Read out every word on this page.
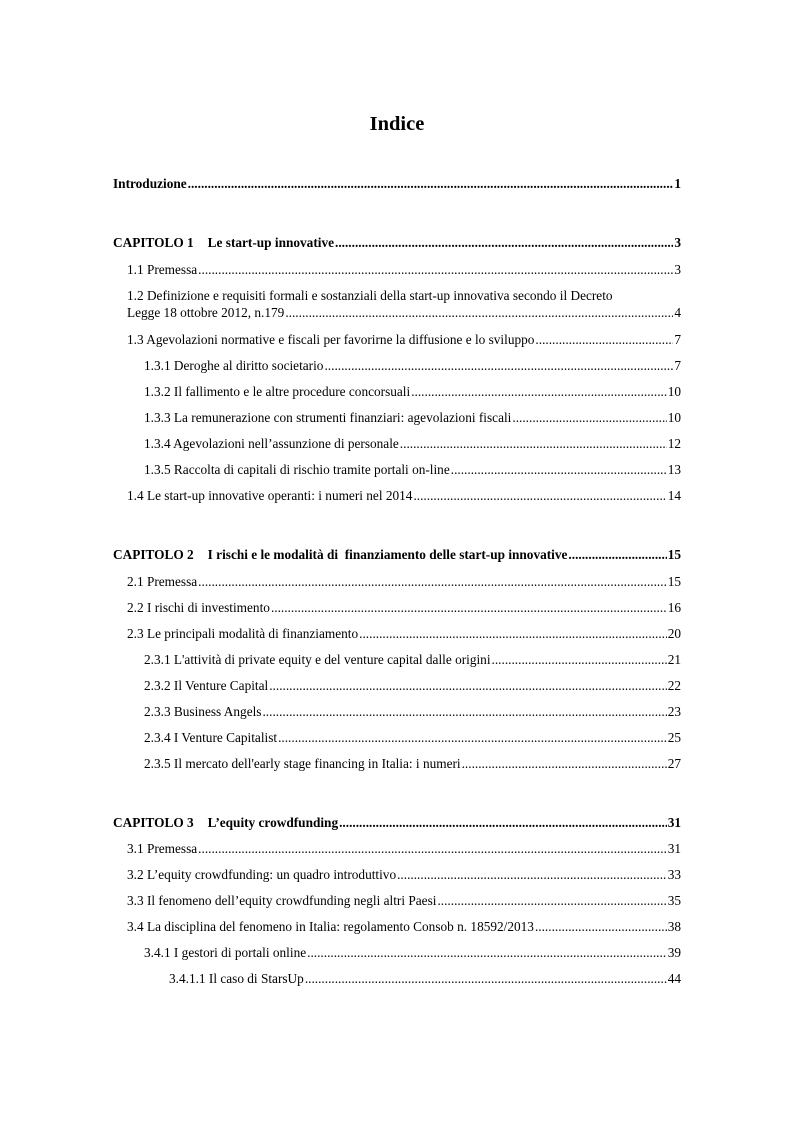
Indice
Introduzione .....	1
CAPITOLO 1 Le start-up innovative .....	3
1.1 Premessa .....	3
1.2 Definizione e requisiti formali e sostanziali della start-up innovativa secondo il Decreto
Legge 18 ottobre 2012, n.179 .....	4
1.3 Agevolazioni normative e fiscali per favorirne la diffusione e lo sviluppo .....	7
1.3.1 Deroghe al diritto societario .....	7
1.3.2 Il fallimento e le altre procedure concorsuali .....	10
1.3.3 La remunerazione con strumenti finanziari: agevolazioni fiscali .....	10
1.3.4 Agevolazioni nell’assunzione di personale .....	12
1.3.5 Raccolta di capitali di rischio tramite portali on-line .....	13
1.4 Le start-up innovative operanti: i numeri nel 2014 .....	14
CAPITOLO 2 I rischi e le modalità di  finanziamento delle start-up innovative .....	15
2.1 Premessa .....	15
2.2 I rischi di investimento .....	16
2.3 Le principali modalità di finanziamento .....	20
2.3.1 L'attività di private equity e del venture capital dalle origini .....	21
2.3.2 Il Venture Capital .....	22
2.3.3 Business Angels .....	23
2.3.4 I Venture Capitalist .....	25
2.3.5 Il mercato dell'early stage financing in Italia: i numeri .....	27
CAPITOLO 3 L’equity crowdfunding .....	31
3.1 Premessa .....	31
3.2 L’equity crowdfunding: un quadro introduttivo .....	33
3.3 Il fenomeno dell’equity crowdfunding negli altri Paesi .....	35
3.4 La disciplina del fenomeno in Italia: regolamento Consob n. 18592/2013 .....	38
3.4.1 I gestori di portali online .....	39
3.4.1.1 Il caso di StarsUp .....	44
